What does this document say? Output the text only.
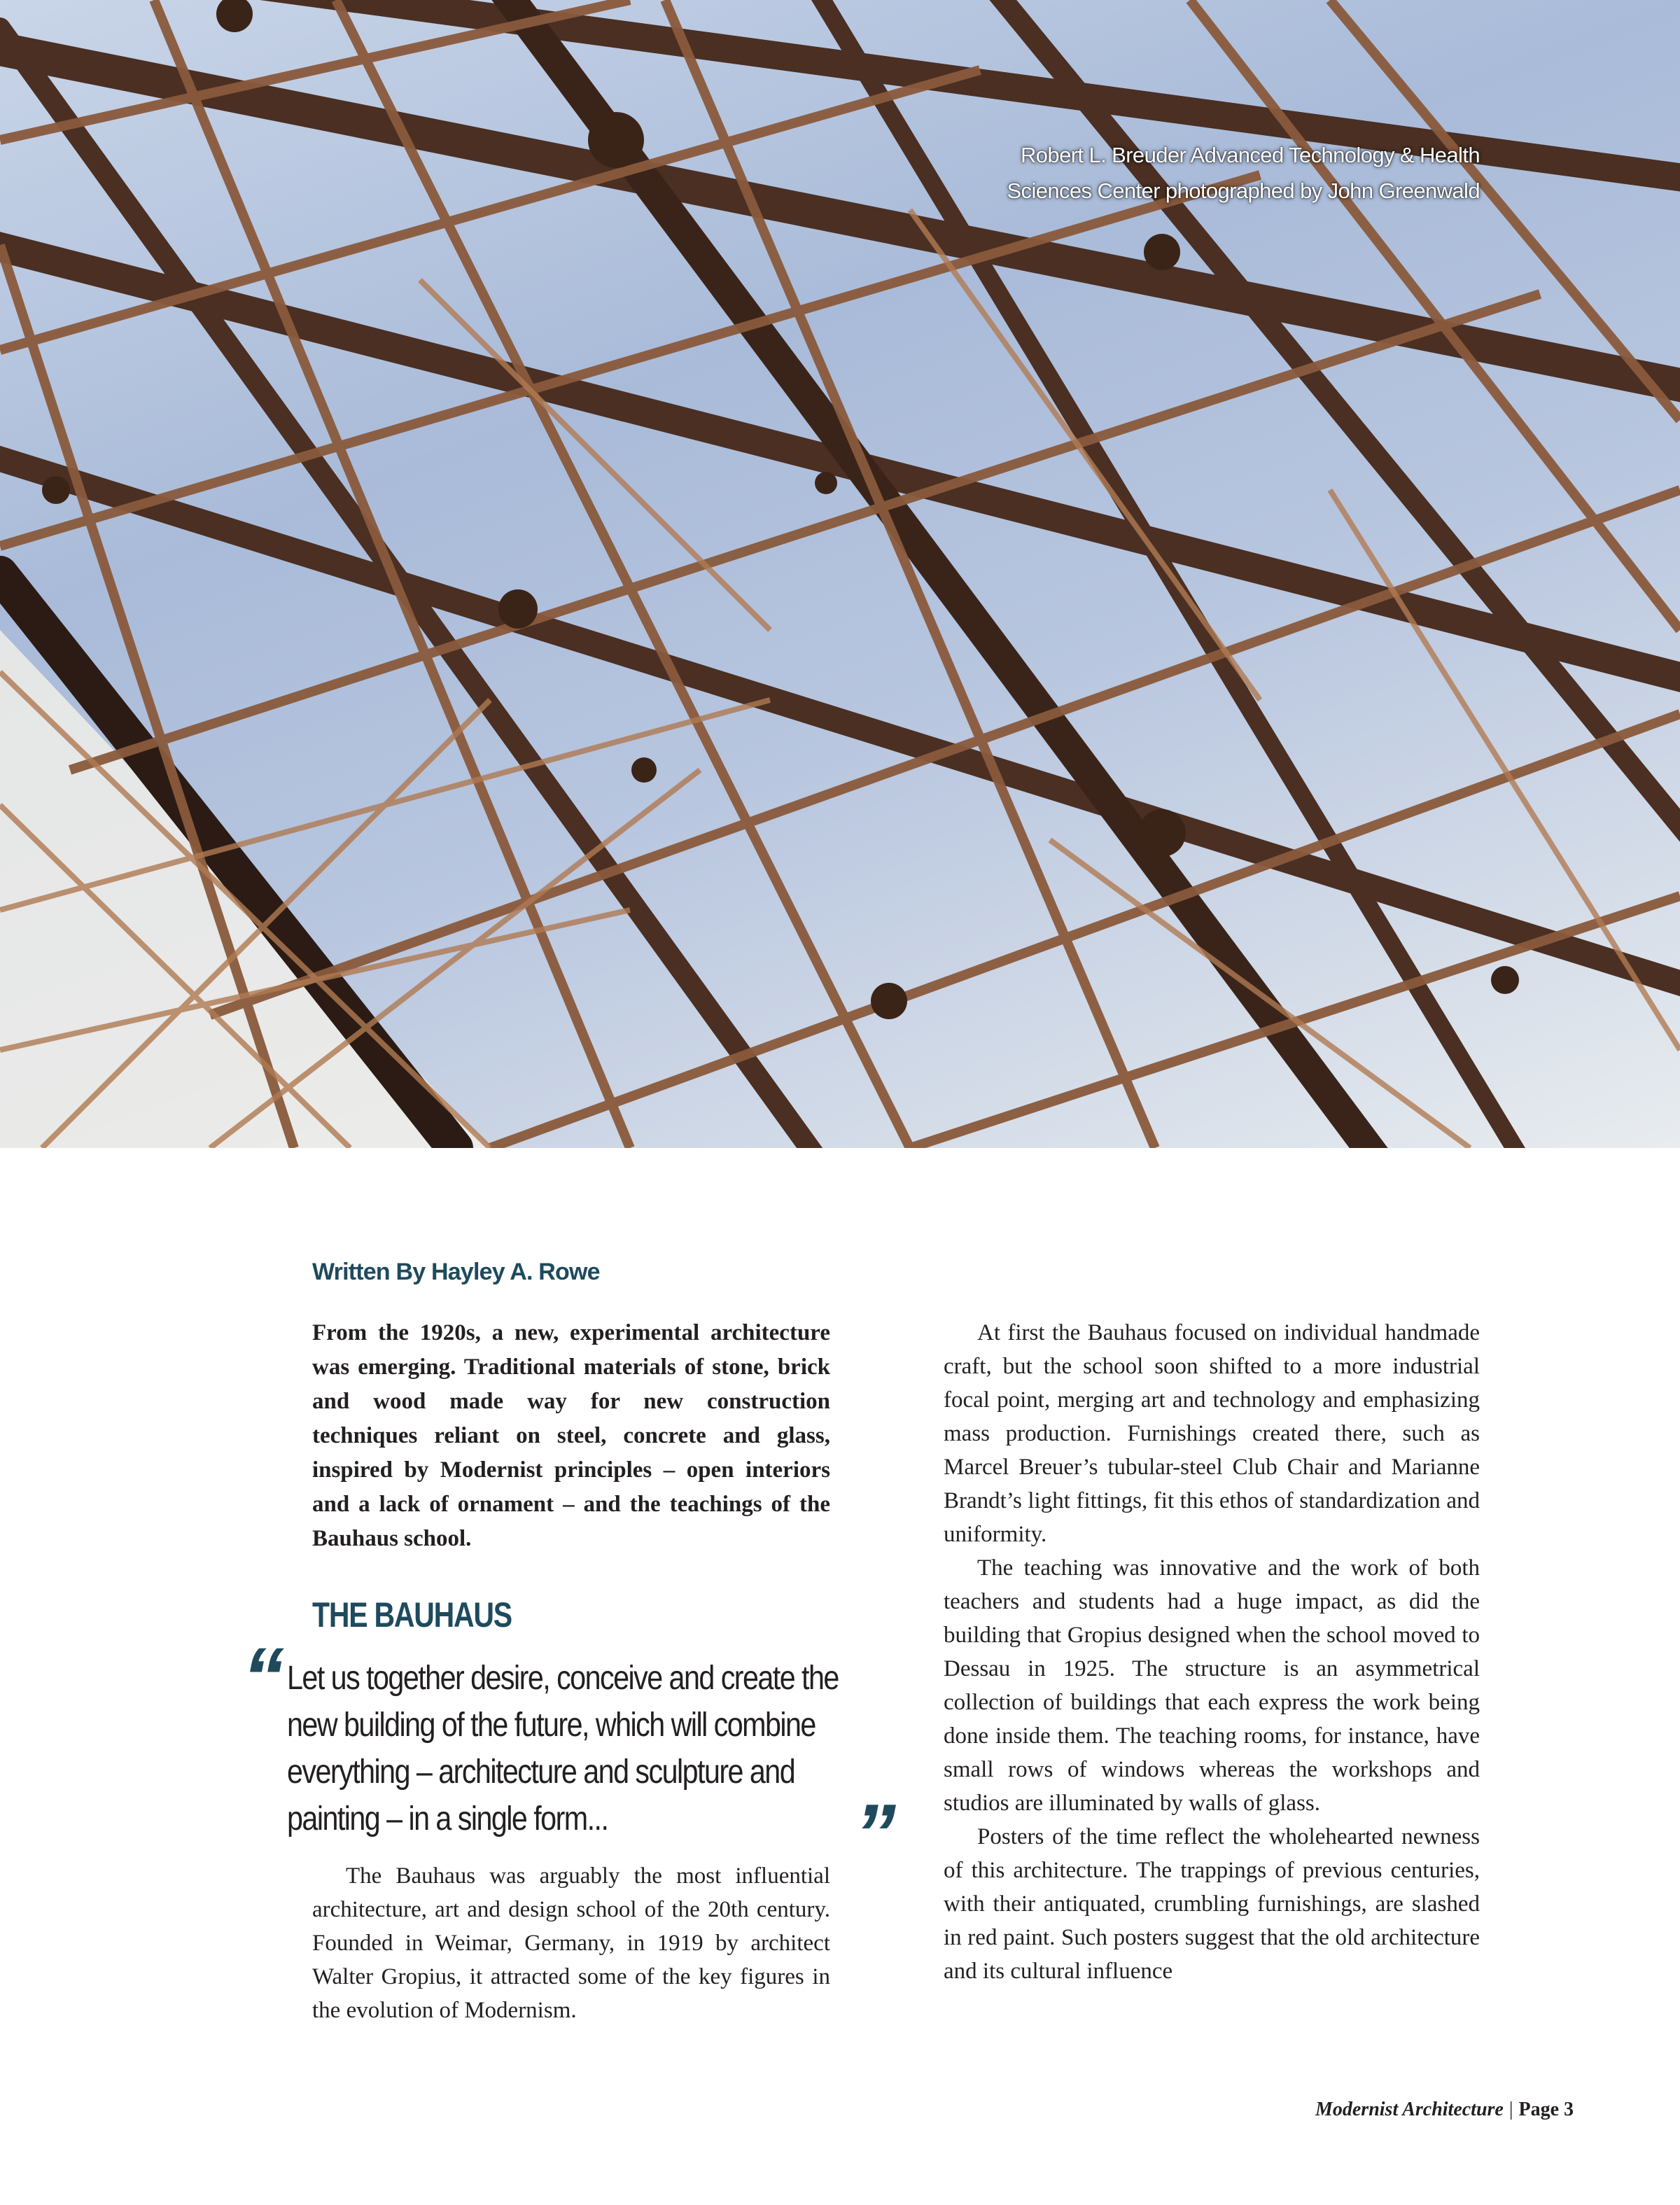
Robert L. Breuder Advanced Technology & Health
Sciences Center photographed by John Greenwald
Written By Hayley A. Rowe

From the 1920s, a new, experimental architecture was emerging. Traditional materials of stone, brick and wood made way for new construction techniques reliant on steel, concrete and glass, inspired by Modernist principles – open interiors and a lack of ornament – and the teachings of the Bauhaus school.

THE BAUHAUS
“ Let us together desire, conceive and create the new building of the future, which will combine everything – architecture and sculpture and painting – in a single form...	”

The Bauhaus was arguably the most influential architecture, art and design school of the 20th century. Founded in Weimar, Germany, in 1919 by architect Walter Gropius, it attracted some of the key figures in the evolution of Modernism.

At first the Bauhaus focused on individual handmade craft, but the school soon shifted to a more industrial focal point, merging art and technology and emphasizing mass production. Furnishings created there, such as Marcel Breuer’s tubular-steel Club Chair and Marianne Brandt’s light fittings, fit this ethos of standardization and uniformity.

The teaching was innovative and the work of both teachers and students had a huge impact, as did the building that Gropius designed when the school moved to Dessau in 1925. The structure is an asymmetrical collection of buildings that each express the work being done inside them. The teaching rooms, for instance, have small rows of windows whereas the workshops and studios are illuminated by walls of glass.

Posters of the time reflect the wholehearted newness of this architecture. The trappings of previous centuries, with their antiquated, crumbling furnishings, are slashed in red paint. Such posters suggest that the old architecture and its cultural influence

Modernist Architecture | Page 3
